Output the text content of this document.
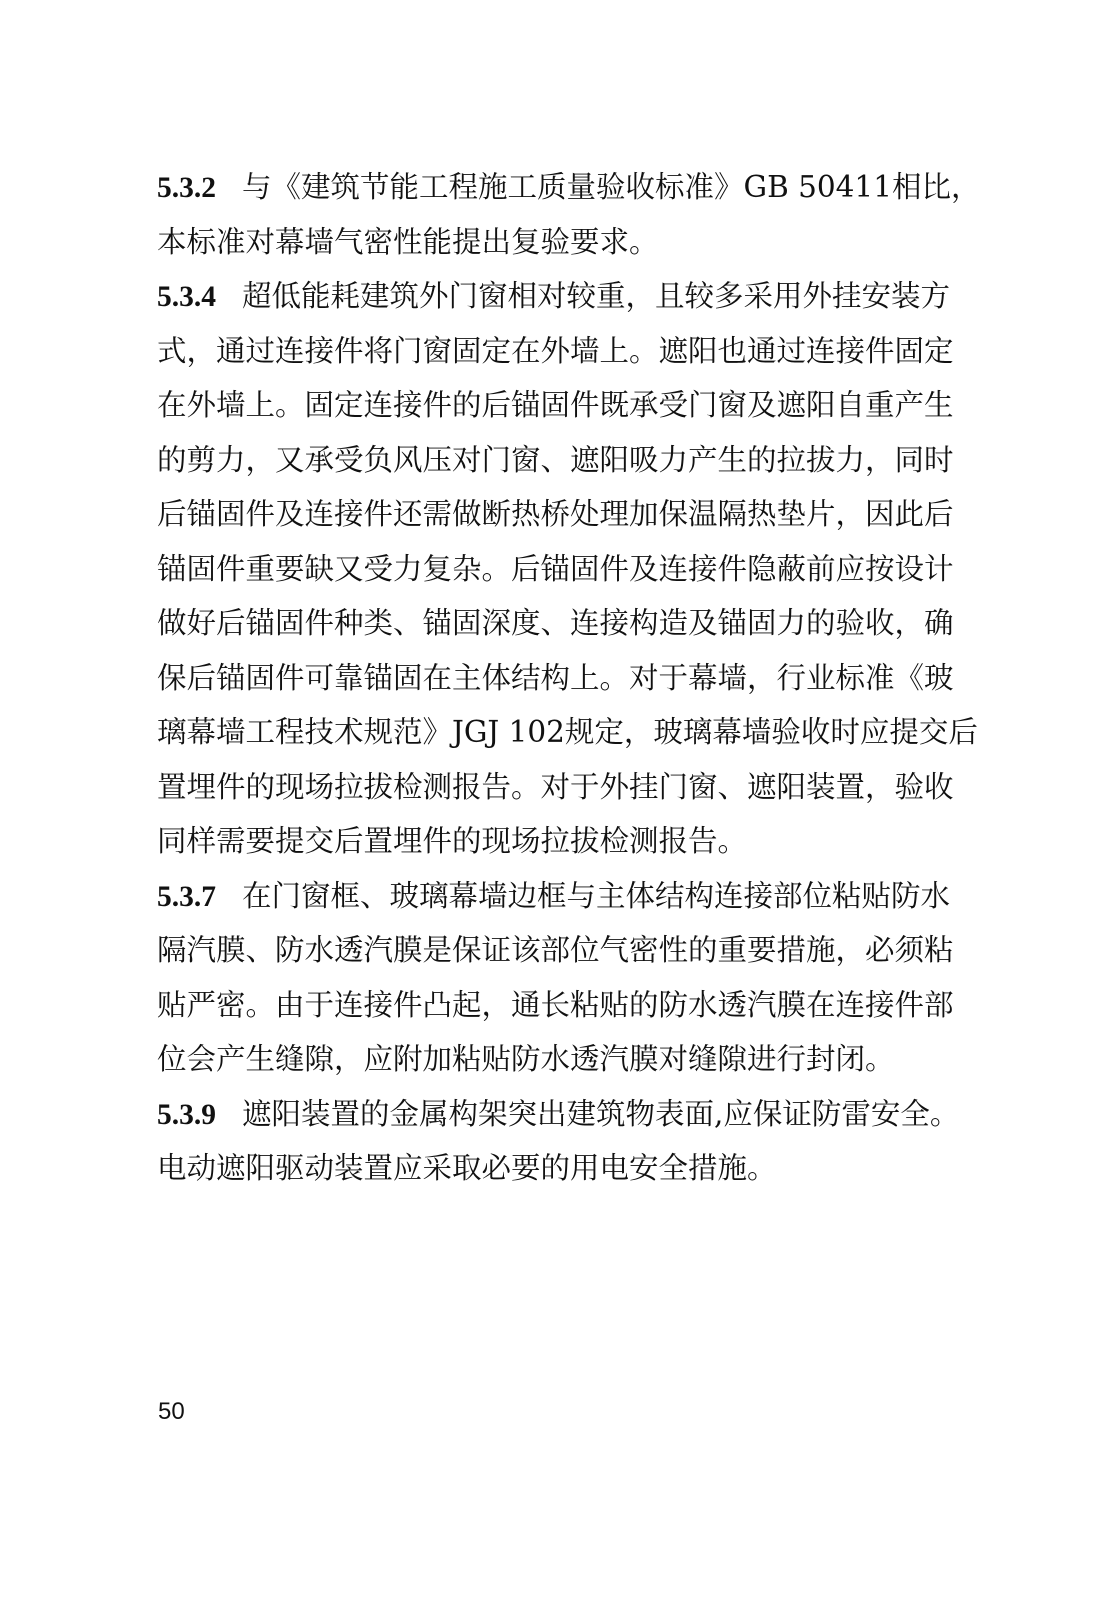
5.3.2 与《建筑节能工程施工质量验收标准》GB 50411相比，
本标准对幕墙气密性能提出复验要求。
5.3.4 超低能耗建筑外门窗相对较重，且较多采用外挂安装方
式，通过连接件将门窗固定在外墙上。遮阳也通过连接件固定
在外墙上。固定连接件的后锚固件既承受门窗及遮阳自重产生
的剪力，又承受负风压对门窗、遮阳吸力产生的拉拔力，同时
后锚固件及连接件还需做断热桥处理加保温隔热垫片，因此后
锚固件重要缺又受力复杂。后锚固件及连接件隐蔽前应按设计
做好后锚固件种类、锚固深度、连接构造及锚固力的验收，确
保后锚固件可靠锚固在主体结构上。对于幕墙，行业标准《玻
璃幕墙工程技术规范》JGJ 102规定，玻璃幕墙验收时应提交后
置埋件的现场拉拔检测报告。对于外挂门窗、遮阳装置，验收
同样需要提交后置埋件的现场拉拔检测报告。
5.3.7 在门窗框、玻璃幕墙边框与主体结构连接部位粘贴防水
隔汽膜、防水透汽膜是保证该部位气密性的重要措施，必须粘
贴严密。由于连接件凸起，通长粘贴的防水透汽膜在连接件部
位会产生缝隙，应附加粘贴防水透汽膜对缝隙进行封闭。
5.3.9 遮阳装置的金属构架突出建筑物表面,应保证防雷安全。
电动遮阳驱动装置应采取必要的用电安全措施。
50
